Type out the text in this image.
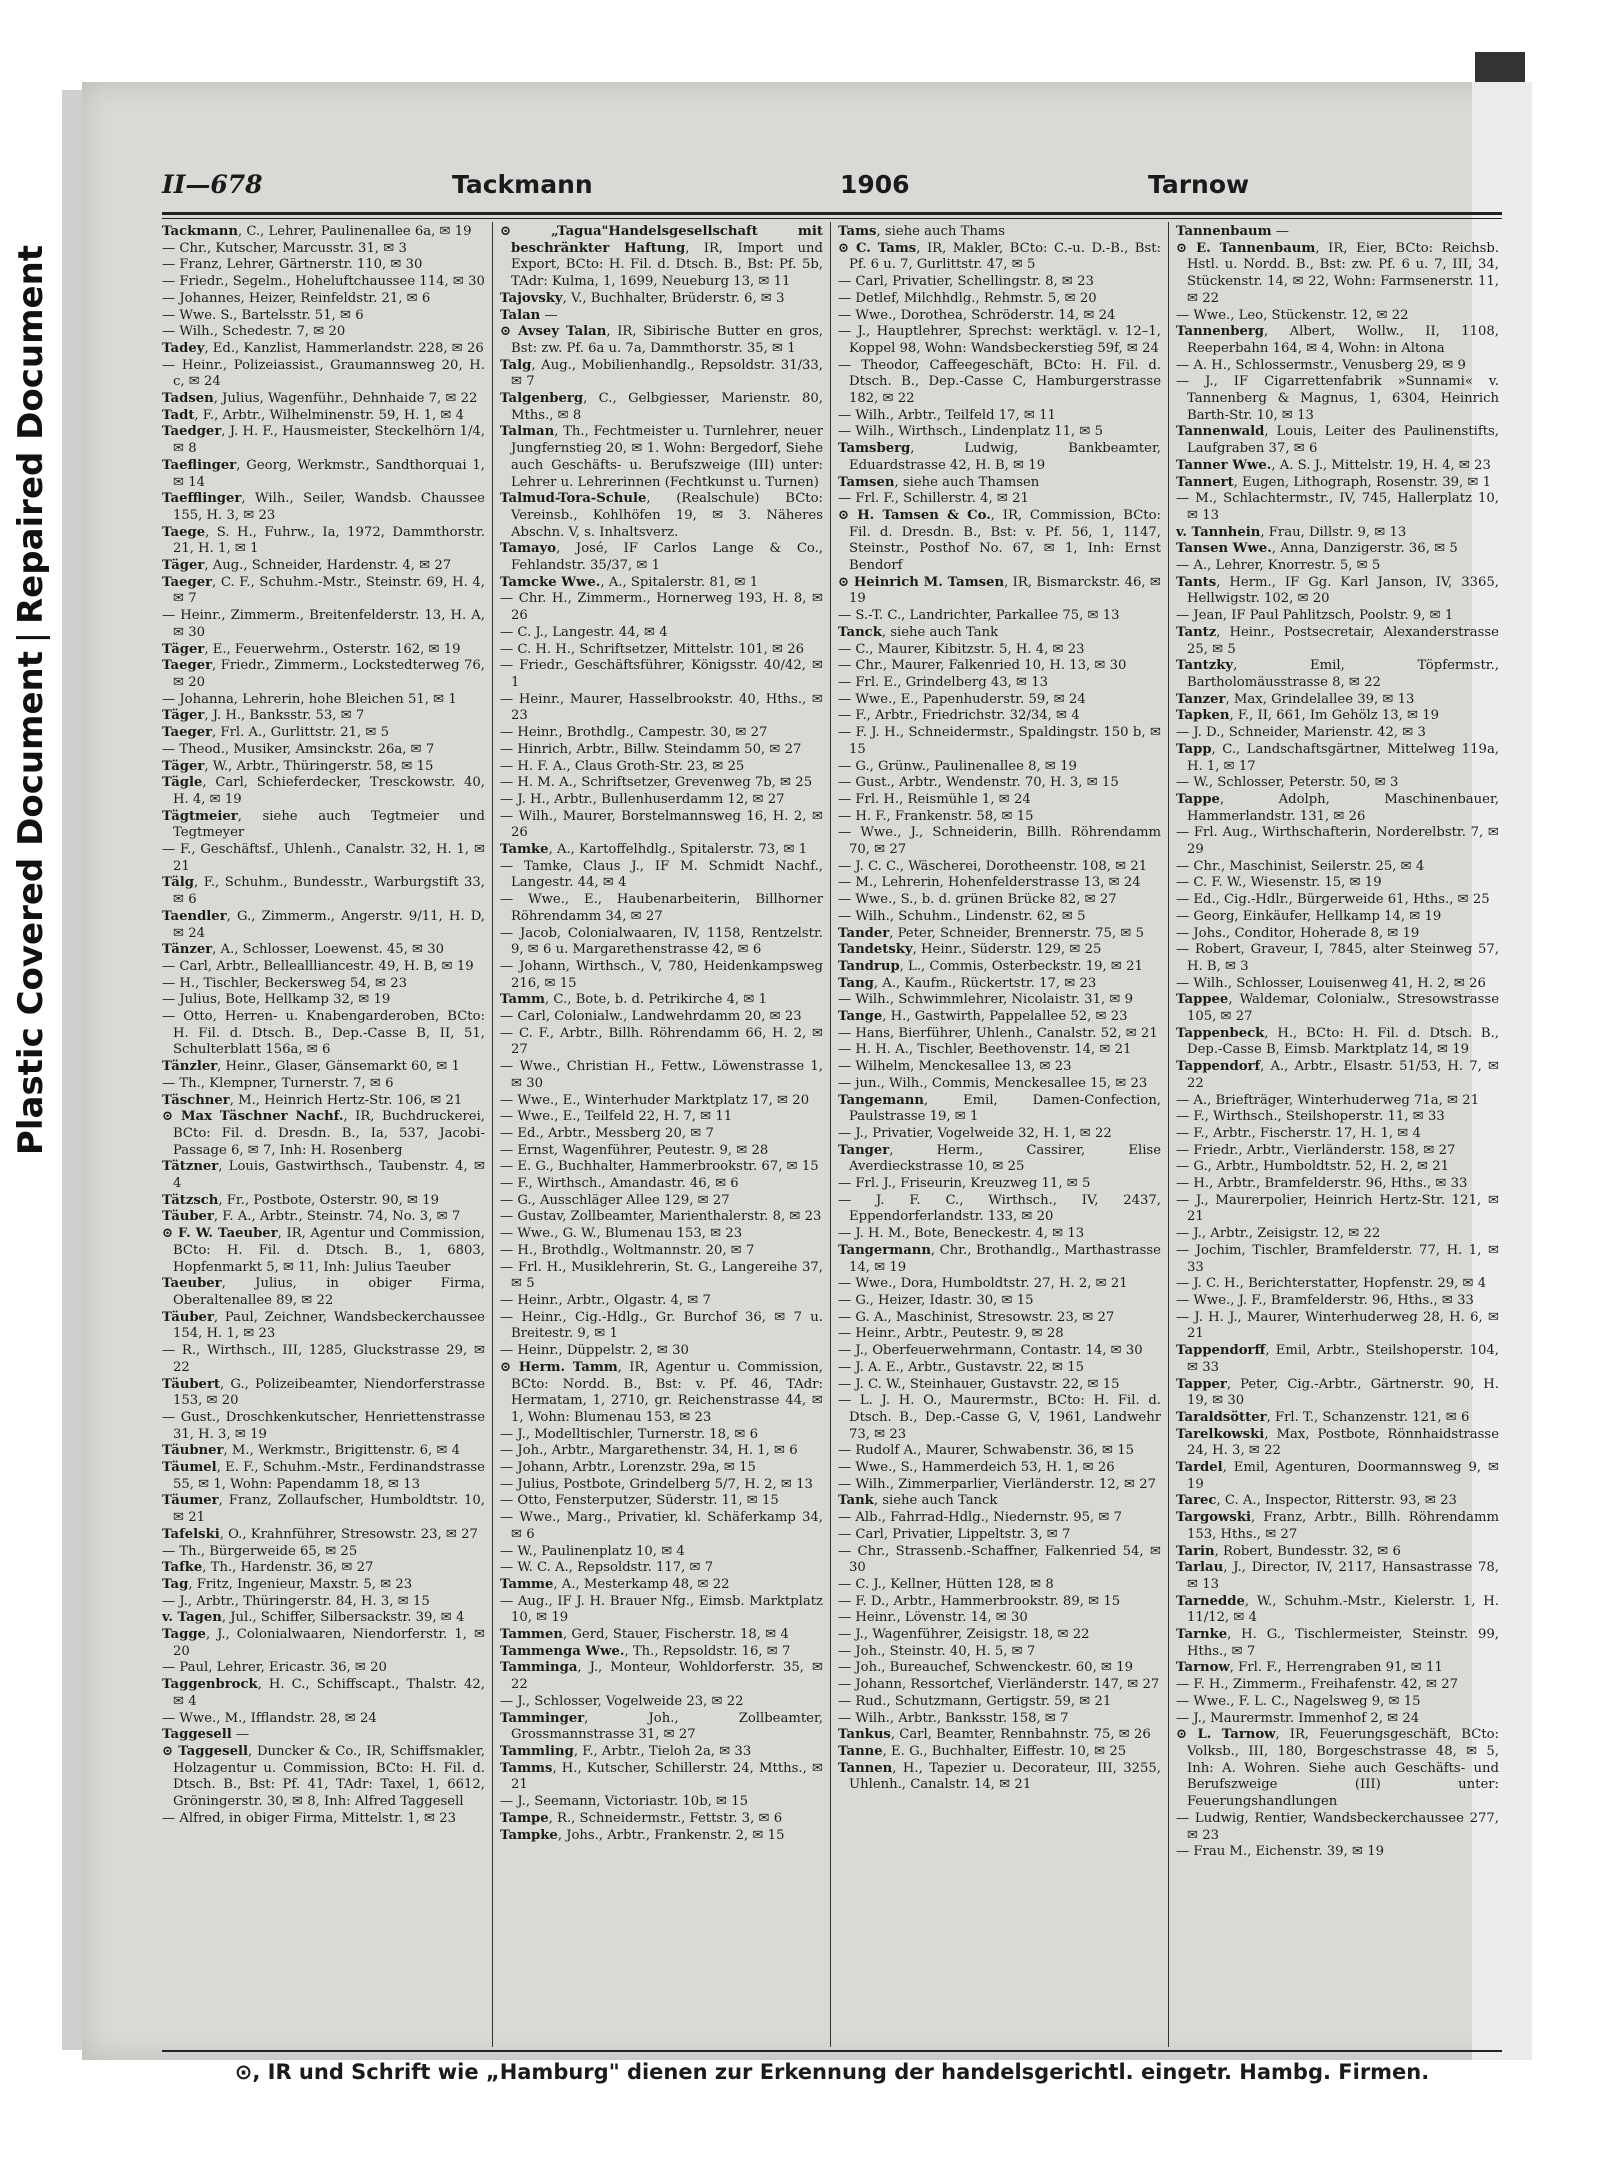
Plastic Covered DocumentRepaired Document
II—678	Tackmann	1906	Tarnow
Tackmann, C., Lehrer, Paulinenallee 6a, ✉ 19
— Chr., Kutscher, Marcusstr. 31, ✉ 3
— Franz, Lehrer, Gärtnerstr. 110, ✉ 30
— Friedr., Segelm., Hoheluftchaussee 114, ✉ 30
— Johannes, Heizer, Reinfeldstr. 21, ✉ 6
— Wwe. S., Bartelsstr. 51, ✉ 6
— Wilh., Schedestr. 7, ✉ 20
Tadey, Ed., Kanzlist, Hammerlandstr. 228, ✉ 26
— Heinr., Polizeiassist., Graumannsweg 20, H. c, ✉ 24
Tadsen, Julius, Wagenführ., Dehnhaide 7, ✉ 22
Tadt, F., Arbtr., Wilhelminenstr. 59, H. 1, ✉ 4
Taedger, J. H. F., Hausmeister, Steckelhörn 1/4, ✉ 8
Taeflinger, Georg, Werkmstr., Sandthorquai 1, ✉ 14
Taefflinger, Wilh., Seiler, Wandsb. Chaussee 155, H. 3, ✉ 23
Taege, S. H., Fuhrw., Ia, 1972, Dammthorstr. 21, H. 1, ✉ 1
Täger, Aug., Schneider, Hardenstr. 4, ✉ 27
Taeger, C. F., Schuhm.-Mstr., Steinstr. 69, H. 4, ✉ 7
— Heinr., Zimmerm., Breitenfelderstr. 13, H. A, ✉ 30
Täger, E., Feuerwehrm., Osterstr. 162, ✉ 19
Taeger, Friedr., Zimmerm., Lockstedterweg 76, ✉ 20
— Johanna, Lehrerin, hohe Bleichen 51, ✉ 1
Täger, J. H., Banksstr. 53, ✉ 7
Taeger, Frl. A., Gurlittstr. 21, ✉ 5
— Theod., Musiker, Amsinckstr. 26a, ✉ 7
Täger, W., Arbtr., Thüringerstr. 58, ✉ 15
Tägle, Carl, Schieferdecker, Tresckowstr. 40, H. 4, ✉ 19
Tägtmeier, siehe auch Tegtmeier und Tegtmeyer
— F., Geschäftsf., Uhlenh., Canalstr. 32, H. 1, ✉ 21
Tälg, F., Schuhm., Bundesstr., Warburgstift 33, ✉ 6
Taendler, G., Zimmerm., Angerstr. 9/11, H. D, ✉ 24
Tänzer, A., Schlosser, Loewenst. 45, ✉ 30
— Carl, Arbtr., Belleallliancestr. 49, H. B, ✉ 19
— H., Tischler, Beckersweg 54, ✉ 23
— Julius, Bote, Hellkamp 32, ✉ 19
— Otto, Herren- u. Knabengarderoben, BCto: H. Fil. d. Dtsch. B., Dep.-Casse B, II, 51, Schulterblatt 156a, ✉ 6
Tänzler, Heinr., Glaser, Gänsemarkt 60, ✉ 1
— Th., Klempner, Turnerstr. 7, ✉ 6
Täschner, M., Heinrich Hertz-Str. 106, ✉ 21
⊙ Max Täschner Nachf., IR, Buchdruckerei, BCto: Fil. d. Dresdn. B., Ia, 537, Jacobi-Passage 6, ✉ 7, Inh: H. Rosenberg
Tätzner, Louis, Gastwirthsch., Taubenstr. 4, ✉ 4
Tätzsch, Fr., Postbote, Osterstr. 90, ✉ 19
Täuber, F. A., Arbtr., Steinstr. 74, No. 3, ✉ 7
⊙ F. W. Taeuber, IR, Agentur und Commission, BCto: H. Fil. d. Dtsch. B., 1, 6803, Hopfenmarkt 5, ✉ 11, Inh: Julius Taeuber
Taeuber, Julius, in obiger Firma, Oberaltenallee 89, ✉ 22
Täuber, Paul, Zeichner, Wandsbeckerchaussee 154, H. 1, ✉ 23
— R., Wirthsch., III, 1285, Gluckstrasse 29, ✉ 22
Täubert, G., Polizeibeamter, Niendorferstrasse 153, ✉ 20
— Gust., Droschkenkutscher, Henriettenstrasse 31, H. 3, ✉ 19
Täubner, M., Werkmstr., Brigittenstr. 6, ✉ 4
Täumel, E. F., Schuhm.-Mstr., Ferdinandstrasse 55, ✉ 1, Wohn: Papendamm 18, ✉ 13
Täumer, Franz, Zollaufscher, Humboldtstr. 10, ✉ 21
Tafelski, O., Krahnführer, Stresowstr. 23, ✉ 27
— Th., Bürgerweide 65, ✉ 25
Tafke, Th., Hardenstr. 36, ✉ 27
Tag, Fritz, Ingenieur, Maxstr. 5, ✉ 23
— J., Arbtr., Thüringerstr. 84, H. 3, ✉ 15
v. Tagen, Jul., Schiffer, Silbersackstr. 39, ✉ 4
Tagge, J., Colonialwaaren, Niendorferstr. 1, ✉ 20
— Paul, Lehrer, Ericastr. 36, ✉ 20
Taggenbrock, H. C., Schiffscapt., Thalstr. 42, ✉ 4
— Wwe., M., Ifflandstr. 28, ✉ 24
Taggesell —
⊙ Taggesell, Duncker & Co., IR, Schiffsmakler, Holzagentur u. Commission, BCto: H. Fil. d. Dtsch. B., Bst: Pf. 41, TAdr: Taxel, 1, 6612, Gröningerstr. 30, ✉ 8, Inh: Alfred Taggesell
— Alfred, in obiger Firma, Mittelstr. 1, ✉ 23
⊙ „Tagua"Handelsgesellschaft mit beschränkter Haftung, IR, Import und Export, BCto: H. Fil. d. Dtsch. B., Bst: Pf. 5b, TAdr: Kulma, 1, 1699, Neueburg 13, ✉ 11
Tajovsky, V., Buchhalter, Brüderstr. 6, ✉ 3
Talan —
⊙ Avsey Talan, IR, Sibirische Butter en gros, Bst: zw. Pf. 6a u. 7a, Dammthorstr. 35, ✉ 1
Talg, Aug., Mobilienhandlg., Repsoldstr. 31/33, ✉ 7
Talgenberg, C., Gelbgiesser, Marienstr. 80, Mths., ✉ 8
Talman, Th., Fechtmeister u. Turnlehrer, neuer Jungfernstieg 20, ✉ 1. Wohn: Bergedorf, Siehe auch Geschäfts- u. Berufszweige (III) unter: Lehrer u. Lehrerinnen (Fechtkunst u. Turnen)
Talmud-Tora-Schule, (Realschule) BCto: Vereinsb., Kohlhöfen 19, ✉ 3. Näheres Abschn. V, s. Inhaltsverz.
Tamayo, José, IF Carlos Lange & Co., Fehlandstr. 35/37, ✉ 1
Tamcke Wwe., A., Spitalerstr. 81, ✉ 1
— Chr. H., Zimmerm., Hornerweg 193, H. 8, ✉ 26
— C. J., Langestr. 44, ✉ 4
— C. H. H., Schriftsetzer, Mittelstr. 101, ✉ 26
— Friedr., Geschäftsführer, Königsstr. 40/42, ✉ 1
— Heinr., Maurer, Hasselbrookstr. 40, Hths., ✉ 23
— Heinr., Brothdlg., Campestr. 30, ✉ 27
— Hinrich, Arbtr., Billw. Steindamm 50, ✉ 27
— H. F. A., Claus Groth-Str. 23, ✉ 25
— H. M. A., Schriftsetzer, Grevenweg 7b, ✉ 25
— J. H., Arbtr., Bullenhuserdamm 12, ✉ 27
— Wilh., Maurer, Borstelmannsweg 16, H. 2, ✉ 26
Tamke, A., Kartoffelhdlg., Spitalerstr. 73, ✉ 1
— Tamke, Claus J., IF M. Schmidt Nachf., Langestr. 44, ✉ 4
— Wwe., E., Haubenarbeiterin, Billhorner Röhrendamm 34, ✉ 27
— Jacob, Colonialwaaren, IV, 1158, Rentzelstr. 9, ✉ 6 u. Margarethenstrasse 42, ✉ 6
— Johann, Wirthsch., V, 780, Heidenkampsweg 216, ✉ 15
Tamm, C., Bote, b. d. Petrikirche 4, ✉ 1
— Carl, Colonialw., Landwehrdamm 20, ✉ 23
— C. F., Arbtr., Billh. Röhrendamm 66, H. 2, ✉ 27
— Wwe., Christian H., Fettw., Löwenstrasse 1, ✉ 30
— Wwe., E., Winterhuder Marktplatz 17, ✉ 20
— Wwe., E., Teilfeld 22, H. 7, ✉ 11
— Ed., Arbtr., Messberg 20, ✉ 7
— Ernst, Wagenführer, Peutestr. 9, ✉ 28
— E. G., Buchhalter, Hammerbrookstr. 67, ✉ 15
— F., Wirthsch., Amandastr. 46, ✉ 6
— G., Ausschläger Allee 129, ✉ 27
— Gustav, Zollbeamter, Marienthalerstr. 8, ✉ 23
— Wwe., G. W., Blumenau 153, ✉ 23
— H., Brothdlg., Woltmannstr. 20, ✉ 7
— Frl. H., Musiklehrerin, St. G., Langereihe 37, ✉ 5
— Heinr., Arbtr., Olgastr. 4, ✉ 7
— Heinr., Cig.-Hdlg., Gr. Burchof 36, ✉ 7 u. Breitestr. 9, ✉ 1
— Heinr., Düppelstr. 2, ✉ 30
⊙ Herm. Tamm, IR, Agentur u. Commission, BCto: Nordd. B., Bst: v. Pf. 46, TAdr: Hermatam, 1, 2710, gr. Reichenstrasse 44, ✉ 1, Wohn: Blumenau 153, ✉ 23
— J., Modelltischler, Turnerstr. 18, ✉ 6
— Joh., Arbtr., Margarethenstr. 34, H. 1, ✉ 6
— Johann, Arbtr., Lorenzstr. 29a, ✉ 15
— Julius, Postbote, Grindelberg 5/7, H. 2, ✉ 13
— Otto, Fensterputzer, Süderstr. 11, ✉ 15
— Wwe., Marg., Privatier, kl. Schäferkamp 34, ✉ 6
— W., Paulinenplatz 10, ✉ 4
— W. C. A., Repsoldstr. 117, ✉ 7
Tamme, A., Mesterkamp 48, ✉ 22
— Aug., IF J. H. Brauer Nfg., Eimsb. Marktplatz 10, ✉ 19
Tammen, Gerd, Stauer, Fischerstr. 18, ✉ 4
Tammenga Wwe., Th., Repsoldstr. 16, ✉ 7
Tamminga, J., Monteur, Wohldorferstr. 35, ✉ 22
— J., Schlosser, Vogelweide 23, ✉ 22
Tamminger, Joh., Zollbeamter, Grossmannstrasse 31, ✉ 27
Tammling, F., Arbtr., Tieloh 2a, ✉ 33
Tamms, H., Kutscher, Schillerstr. 24, Mtths., ✉ 21
— J., Seemann, Victoriastr. 10b, ✉ 15
Tampe, R., Schneidermstr., Fettstr. 3, ✉ 6
Tampke, Johs., Arbtr., Frankenstr. 2, ✉ 15
Tams, siehe auch Thams
⊙ C. Tams, IR, Makler, BCto: C.-u. D.-B., Bst: Pf. 6 u. 7, Gurlittstr. 47, ✉ 5
— Carl, Privatier, Schellingstr. 8, ✉ 23
— Detlef, Milchhdlg., Rehmstr. 5, ✉ 20
— Wwe., Dorothea, Schröderstr. 14, ✉ 24
— J., Hauptlehrer, Sprechst: werktägl. v. 12–1, Koppel 98, Wohn: Wandsbeckerstieg 59f, ✉ 24
— Theodor, Caffeegeschäft, BCto: H. Fil. d. Dtsch. B., Dep.-Casse C, Hamburgerstrasse 182, ✉ 22
— Wilh., Arbtr., Teilfeld 17, ✉ 11
— Wilh., Wirthsch., Lindenplatz 11, ✉ 5
Tamsberg, Ludwig, Bankbeamter, Eduardstrasse 42, H. B, ✉ 19
Tamsen, siehe auch Thamsen
— Frl. F., Schillerstr. 4, ✉ 21
⊙ H. Tamsen & Co., IR, Commission, BCto: Fil. d. Dresdn. B., Bst: v. Pf. 56, 1, 1147, Steinstr., Posthof No. 67, ✉ 1, Inh: Ernst Bendorf
⊙ Heinrich M. Tamsen, IR, Bismarckstr. 46, ✉ 19
— S.-T. C., Landrichter, Parkallee 75, ✉ 13
Tanck, siehe auch Tank
— C., Maurer, Kibitzstr. 5, H. 4, ✉ 23
— Chr., Maurer, Falkenried 10, H. 13, ✉ 30
— Frl. E., Grindelberg 43, ✉ 13
— Wwe., E., Papenhuderstr. 59, ✉ 24
— F., Arbtr., Friedrichstr. 32/34, ✉ 4
— F. J. H., Schneidermstr., Spaldingstr. 150 b, ✉ 15
— G., Grünw., Paulinenallee 8, ✉ 19
— Gust., Arbtr., Wendenstr. 70, H. 3, ✉ 15
— Frl. H., Reismühle 1, ✉ 24
— H. F., Frankenstr. 58, ✉ 15
— Wwe., J., Schneiderin, Billh. Röhrendamm 70, ✉ 27
— J. C. C., Wäscherei, Dorotheenstr. 108, ✉ 21
— M., Lehrerin, Hohenfelderstrasse 13, ✉ 24
— Wwe., S., b. d. grünen Brücke 82, ✉ 27
— Wilh., Schuhm., Lindenstr. 62, ✉ 5
Tander, Peter, Schneider, Brennerstr. 75, ✉ 5
Tandetsky, Heinr., Süderstr. 129, ✉ 25
Tandrup, L., Commis, Osterbeckstr. 19, ✉ 21
Tang, A., Kaufm., Rückertstr. 17, ✉ 23
— Wilh., Schwimmlehrer, Nicolaistr. 31, ✉ 9
Tange, H., Gastwirth, Pappelallee 52, ✉ 23
— Hans, Bierführer, Uhlenh., Canalstr. 52, ✉ 21
— H. H. A., Tischler, Beethovenstr. 14, ✉ 21
— Wilhelm, Menckesallee 13, ✉ 23
— jun., Wilh., Commis, Menckesallee 15, ✉ 23
Tangemann, Emil, Damen-Confection, Paulstrasse 19, ✉ 1
— J., Privatier, Vogelweide 32, H. 1, ✉ 22
Tanger, Herm., Cassirer, Elise Averdieckstrasse 10, ✉ 25
— Frl. J., Friseurin, Kreuzweg 11, ✉ 5
— J. F. C., Wirthsch., IV, 2437, Eppendorferlandstr. 133, ✉ 20
— J. H. M., Bote, Beneckestr. 4, ✉ 13
Tangermann, Chr., Brothandlg., Marthastrasse 14, ✉ 19
— Wwe., Dora, Humboldtstr. 27, H. 2, ✉ 21
— G., Heizer, Idastr. 30, ✉ 15
— G. A., Maschinist, Stresowstr. 23, ✉ 27
— Heinr., Arbtr., Peutestr. 9, ✉ 28
— J., Oberfeuerwehrmann, Contastr. 14, ✉ 30
— J. A. E., Arbtr., Gustavstr. 22, ✉ 15
— J. C. W., Steinhauer, Gustavstr. 22, ✉ 15
— L. J. H. O., Maurermstr., BCto: H. Fil. d. Dtsch. B., Dep.-Casse G, V, 1961, Landwehr 73, ✉ 23
— Rudolf A., Maurer, Schwabenstr. 36, ✉ 15
— Wwe., S., Hammerdeich 53, H. 1, ✉ 26
— Wilh., Zimmerparlier, Vierländerstr. 12, ✉ 27
Tank, siehe auch Tanck
— Alb., Fahrrad-Hdlg., Niedernstr. 95, ✉ 7
— Carl, Privatier, Lippeltstr. 3, ✉ 7
— Chr., Strassenb.-Schaffner, Falkenried 54, ✉ 30
— C. J., Kellner, Hütten 128, ✉ 8
— F. D., Arbtr., Hammerbrookstr. 89, ✉ 15
— Heinr., Lövenstr. 14, ✉ 30
— J., Wagenführer, Zeisigstr. 18, ✉ 22
— Joh., Steinstr. 40, H. 5, ✉ 7
— Joh., Bureauchef, Schwenckestr. 60, ✉ 19
— Johann, Ressortchef, Vierländerstr. 147, ✉ 27
— Rud., Schutzmann, Gertigstr. 59, ✉ 21
— Wilh., Arbtr., Banksstr. 158, ✉ 7
Tankus, Carl, Beamter, Rennbahnstr. 75, ✉ 26
Tanne, E. G., Buchhalter, Eiffestr. 10, ✉ 25
Tannen, H., Tapezier u. Decorateur, III, 3255, Uhlenh., Canalstr. 14, ✉ 21
Tannenbaum —
⊙ E. Tannenbaum, IR, Eier, BCto: Reichsb. Hstl. u. Nordd. B., Bst: zw. Pf. 6 u. 7, III, 34, Stückenstr. 14, ✉ 22, Wohn: Farmsenerstr. 11, ✉ 22
— Wwe., Leo, Stückenstr. 12, ✉ 22
Tannenberg, Albert, Wollw., II, 1108, Reeperbahn 164, ✉ 4, Wohn: in Altona
— A. H., Schlossermstr., Venusberg 29, ✉ 9
— J., IF Cigarrettenfabrik »Sunnami« v. Tannenberg & Magnus, 1, 6304, Heinrich Barth-Str. 10, ✉ 13
Tannenwald, Louis, Leiter des Paulinenstifts, Laufgraben 37, ✉ 6
Tanner Wwe., A. S. J., Mittelstr. 19, H. 4, ✉ 23
Tannert, Eugen, Lithograph, Rosenstr. 39, ✉ 1
— M., Schlachtermstr., IV, 745, Hallerplatz 10, ✉ 13
v. Tannhein, Frau, Dillstr. 9, ✉ 13
Tansen Wwe., Anna, Danzigerstr. 36, ✉ 5
— A., Lehrer, Knorrestr. 5, ✉ 5
Tants, Herm., IF Gg. Karl Janson, IV, 3365, Hellwigstr. 102, ✉ 20
— Jean, IF Paul Pahlitzsch, Poolstr. 9, ✉ 1
Tantz, Heinr., Postsecretair, Alexanderstrasse 25, ✉ 5
Tantzky, Emil, Töpfermstr., Bartholomäusstrasse 8, ✉ 22
Tanzer, Max, Grindelallee 39, ✉ 13
Tapken, F., II, 661, Im Gehölz 13, ✉ 19
— J. D., Schneider, Marienstr. 42, ✉ 3
Tapp, C., Landschaftsgärtner, Mittelweg 119a, H. 1, ✉ 17
— W., Schlosser, Peterstr. 50, ✉ 3
Tappe, Adolph, Maschinenbauer, Hammerlandstr. 131, ✉ 26
— Frl. Aug., Wirthschafterin, Norderelbstr. 7, ✉ 29
— Chr., Maschinist, Seilerstr. 25, ✉ 4
— C. F. W., Wiesenstr. 15, ✉ 19
— Ed., Cig.-Hdlr., Bürgerweide 61, Hths., ✉ 25
— Georg, Einkäufer, Hellkamp 14, ✉ 19
— Johs., Conditor, Hoherade 8, ✉ 19
— Robert, Graveur, I, 7845, alter Steinweg 57, H. B, ✉ 3
— Wilh., Schlosser, Louisenweg 41, H. 2, ✉ 26
Tappee, Waldemar, Colonialw., Stresowstrasse 105, ✉ 27
Tappenbeck, H., BCto: H. Fil. d. Dtsch. B., Dep.-Casse B, Eimsb. Marktplatz 14, ✉ 19
Tappendorf, A., Arbtr., Elsastr. 51/53, H. 7, ✉ 22
— A., Briefträger, Winterhuderweg 71a, ✉ 21
— F., Wirthsch., Steilshoperstr. 11, ✉ 33
— F., Arbtr., Fischerstr. 17, H. 1, ✉ 4
— Friedr., Arbtr., Vierländerstr. 158, ✉ 27
— G., Arbtr., Humboldtstr. 52, H. 2, ✉ 21
— H., Arbtr., Bramfelderstr. 96, Hths., ✉ 33
— J., Maurerpolier, Heinrich Hertz-Str. 121, ✉ 21
— J., Arbtr., Zeisigstr. 12, ✉ 22
— Jochim, Tischler, Bramfelderstr. 77, H. 1, ✉ 33
— J. C. H., Berichterstatter, Hopfenstr. 29, ✉ 4
— Wwe., J. F., Bramfelderstr. 96, Hths., ✉ 33
— J. H. J., Maurer, Winterhuderweg 28, H. 6, ✉ 21
Tappendorff, Emil, Arbtr., Steilshoperstr. 104, ✉ 33
Tapper, Peter, Cig.-Arbtr., Gärtnerstr. 90, H. 19, ✉ 30
Taraldsötter, Frl. T., Schanzenstr. 121, ✉ 6
Tarelkowski, Max, Postbote, Rönnhaidstrasse 24, H. 3, ✉ 22
Tardel, Emil, Agenturen, Doormannsweg 9, ✉ 19
Tarec, C. A., Inspector, Ritterstr. 93, ✉ 23
Targowski, Franz, Arbtr., Billh. Röhrendamm 153, Hths., ✉ 27
Tarin, Robert, Bundesstr. 32, ✉ 6
Tarlau, J., Director, IV, 2117, Hansastrasse 78, ✉ 13
Tarnedde, W., Schuhm.-Mstr., Kielerstr. 1, H. 11/12, ✉ 4
Tarnke, H. G., Tischlermeister, Steinstr. 99, Hths., ✉ 7
Tarnow, Frl. F., Herrengraben 91, ✉ 11
— F. H., Zimmerm., Freihafenstr. 42, ✉ 27
— Wwe., F. L. C., Nagelsweg 9, ✉ 15
— J., Maurermstr. Immenhof 2, ✉ 24
⊙ L. Tarnow, IR, Feuerungsgeschäft, BCto: Volksb., III, 180, Borgeschstrasse 48, ✉ 5, Inh: A. Wohren. Siehe auch Geschäfts- und Berufszweige (III) unter: Feuerungshandlungen
— Ludwig, Rentier, Wandsbeckerchaussee 277, ✉ 23
— Frau M., Eichenstr. 39, ✉ 19
⊙, IR und Schrift wie „Hamburg" dienen zur Erkennung der handelsgerichtl. eingetr. Hambg. Firmen.
